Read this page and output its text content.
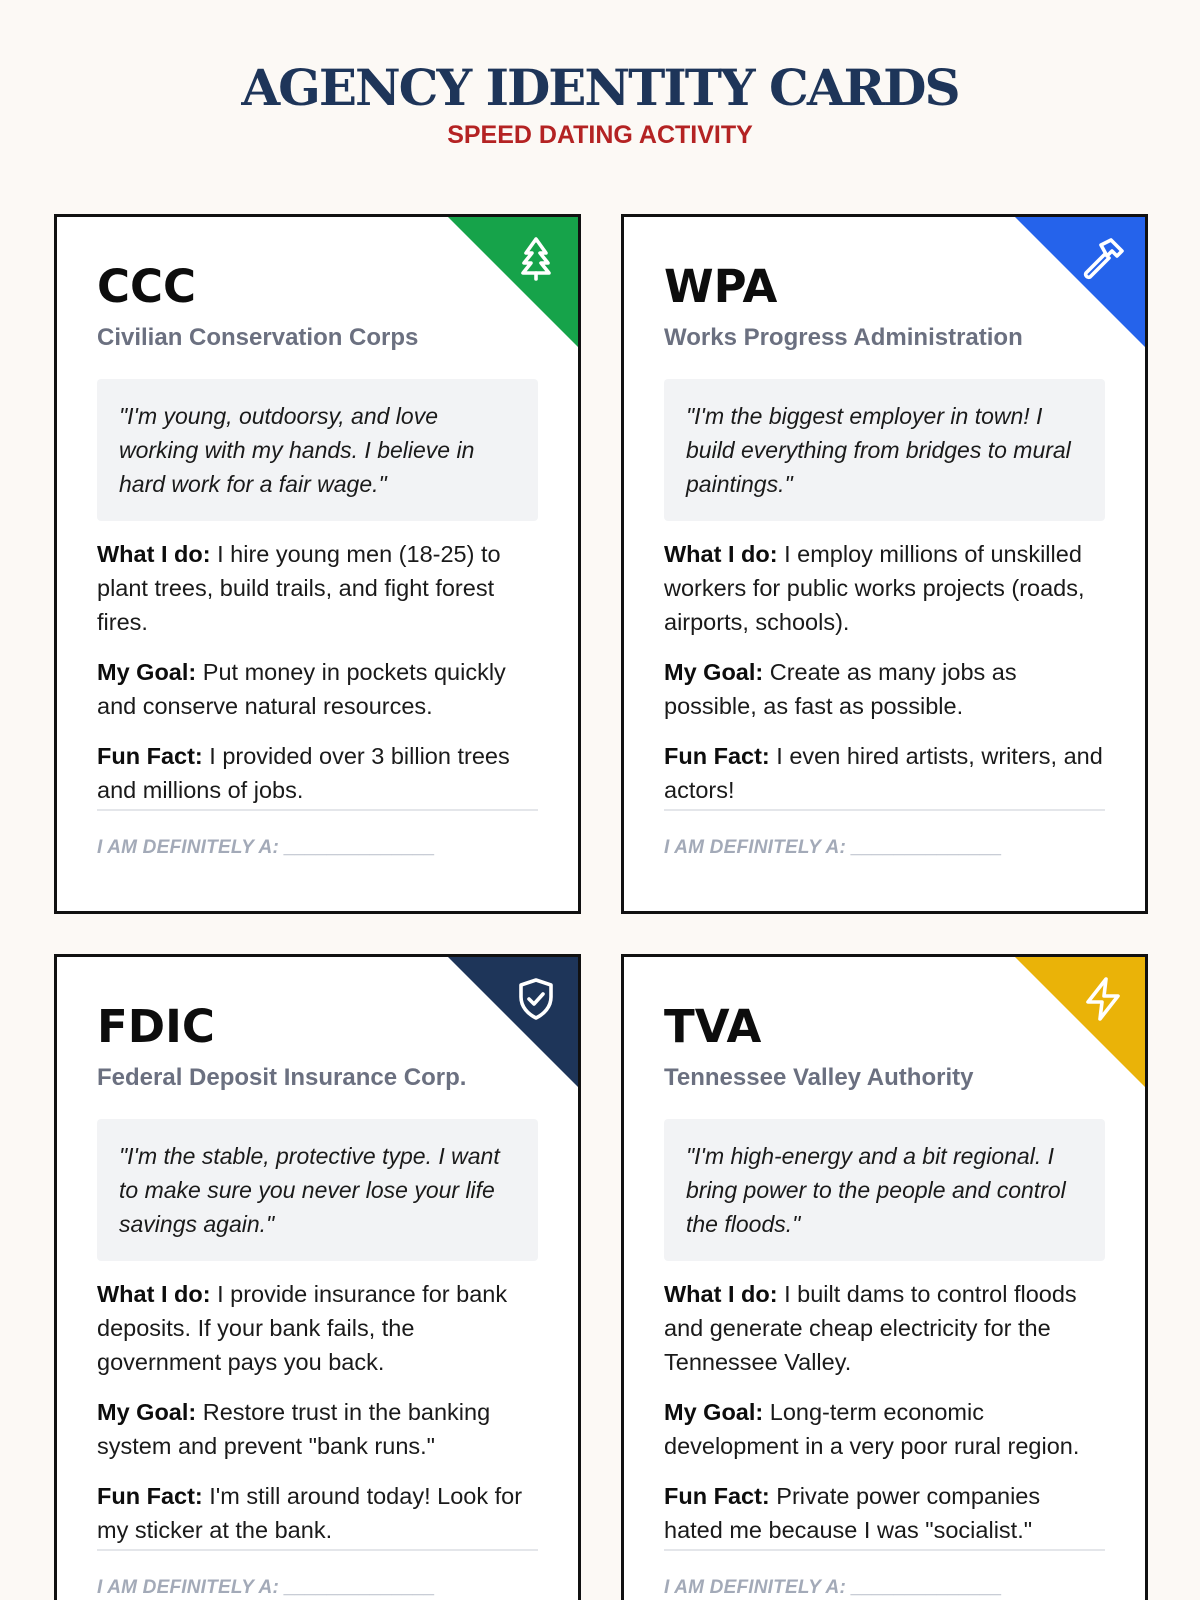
AGENCY IDENTITY CARDS
SPEED DATING ACTIVITY
CCC
Civilian Conservation Corps
"I'm young, outdoorsy, and love working with my hands. I believe in hard work for a fair wage."
What I do: I hire young men (18-25) to plant trees, build trails, and fight forest fires.
My Goal: Put money in pockets quickly and conserve natural resources.
Fun Fact: I provided over 3 billion trees and millions of jobs.
I AM DEFINITELY A: ______________
WPA
Works Progress Administration
"I'm the biggest employer in town! I build everything from bridges to mural paintings."
What I do: I employ millions of unskilled workers for public works projects (roads, airports, schools).
My Goal: Create as many jobs as possible, as fast as possible.
Fun Fact: I even hired artists, writers, and actors!
I AM DEFINITELY A: ______________
FDIC
Federal Deposit Insurance Corp.
"I'm the stable, protective type. I want to make sure you never lose your life savings again."
What I do: I provide insurance for bank deposits. If your bank fails, the government pays you back.
My Goal: Restore trust in the banking system and prevent "bank runs."
Fun Fact: I'm still around today! Look for my sticker at the bank.
I AM DEFINITELY A: ______________
TVA
Tennessee Valley Authority
"I'm high-energy and a bit regional. I bring power to the people and control the floods."
What I do: I built dams to control floods and generate cheap electricity for the Tennessee Valley.
My Goal: Long-term economic development in a very poor rural region.
Fun Fact: Private power companies hated me because I was "socialist."
I AM DEFINITELY A: ______________
